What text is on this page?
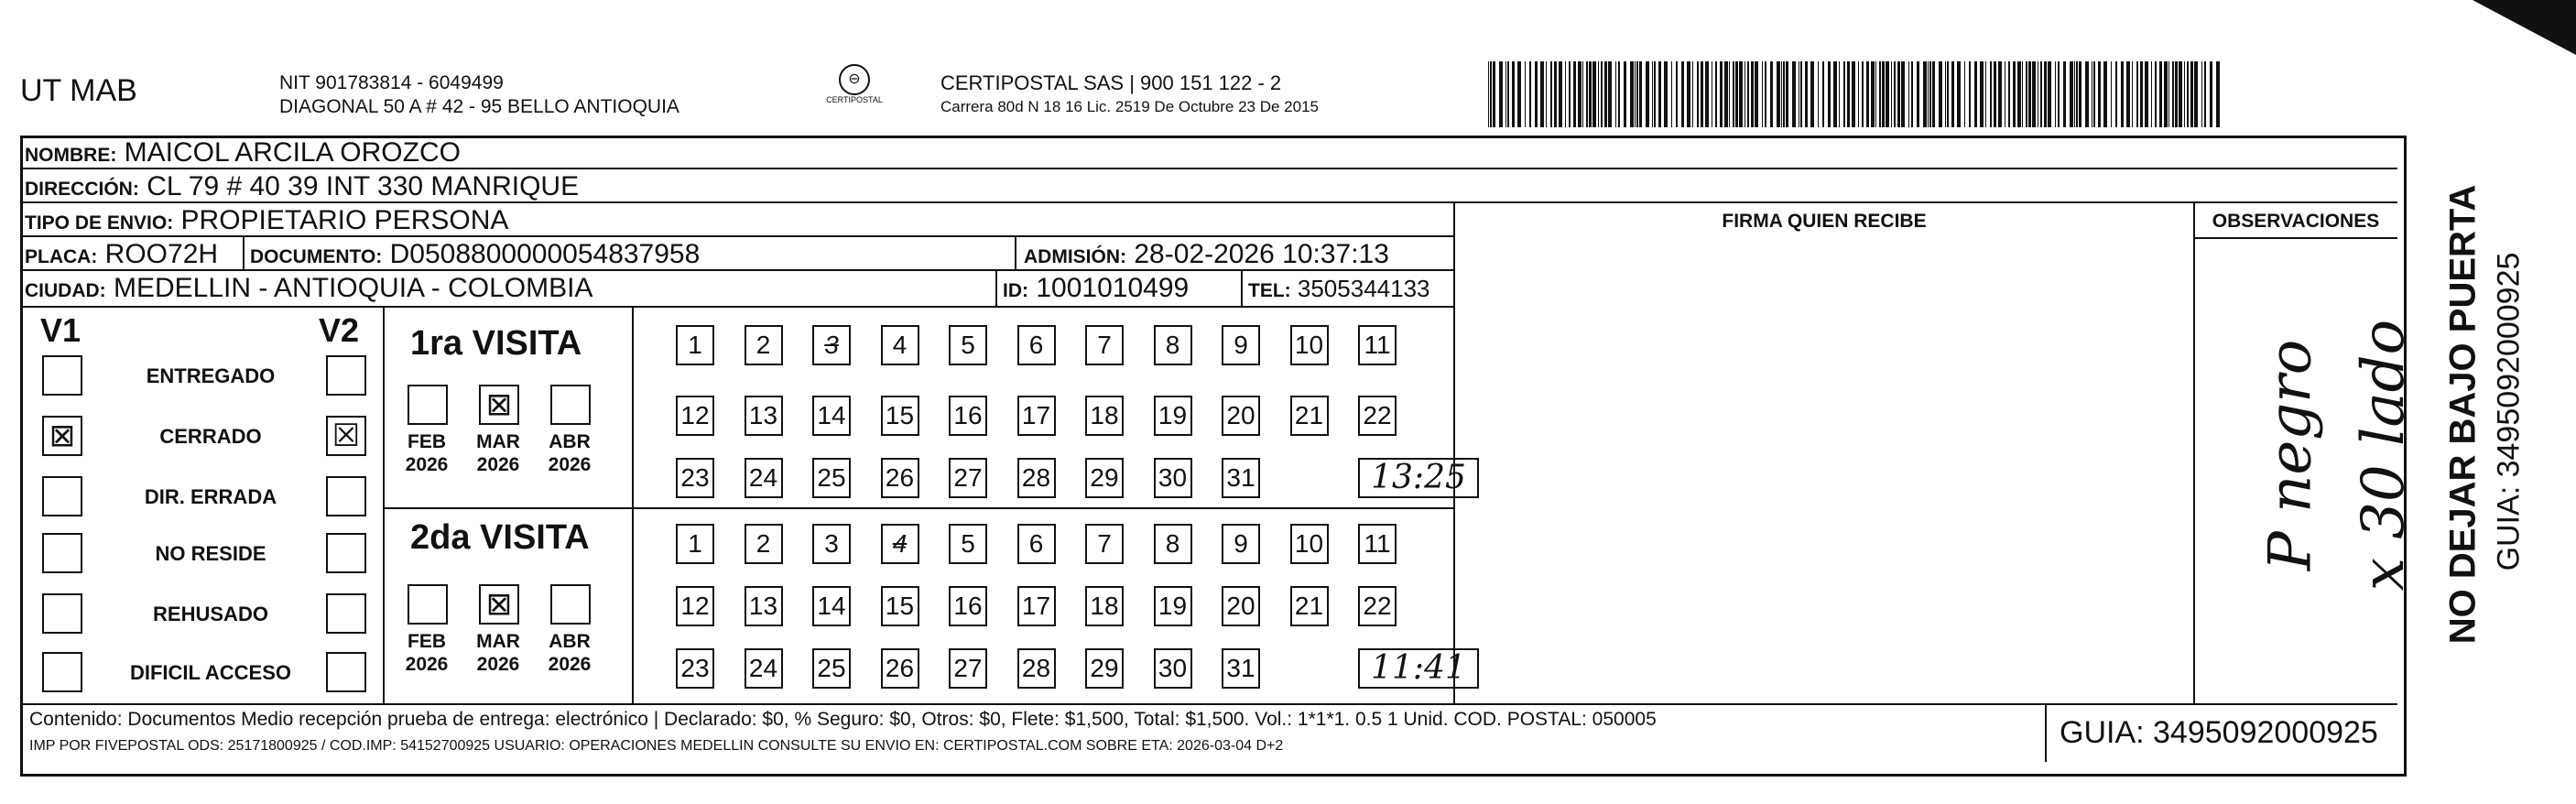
UT MAB	NIT 901783814 - 6049499
DIAGONAL 50 A # 42 - 95 BELLO ANTIOQUIA
⊖
CERTIPOSTAL
CERTIPOSTAL SAS | 900 151 122 - 2
Carrera 80d N 18 16 Lic. 2519 De Octubre 23 De 2015
NOMBRE: MAICOL ARCILA OROZCO
DIRECCIÓN: CL 79 # 40 39 INT 330 MANRIQUE
TIPO DE ENVIO: PROPIETARIO PERSONA
PLACA: ROO72H	DOCUMENTO: D0508800000054837958	ADMISIÓN: 28-02-2026 10:37:13
CIUDAD: MEDELLIN - ANTIOQUIA - COLOMBIA	ID: 1001010499	TEL: 3505344133
FIRMA QUIEN RECIBE	OBSERVACIONES
V1	V2
ENTREGADO
⊠	CERRADO	☒
DIR. ERRADA
NO RESIDE
REHUSADO
DIFICIL ACCESO
1ra VISITA
FEB
2026
⊠
MAR
2026
ABR
2026
1	2	3	4	5	6	7	8	9	10 11
12 13 14 15 16 17 18 19 20 21 22
23 24 25 26 27 28 29 30 31	13:25
2da VISITA
FEB
2026
⊠
MAR
2026
ABR
2026
1	2	3	4	5	6	7	8	9	10 11
12 13 14 15 16 17 18 19 20 21 22
23 24 25 26 27 28 29 30 31	11:41
Contenido: Documentos Medio recepción prueba de entrega: electrónico | Declarado: $0, % Seguro: $0, Otros: $0, Flete: $1,500, Total: $1,500. Vol.: 1*1*1. 0.5 1 Unid. COD. POSTAL: 050005
IMP POR FIVEPOSTAL ODS: 25171800925 / COD.IMP: 54152700925 USUARIO: OPERACIONES MEDELLIN CONSULTE SU ENVIO EN: CERTIPOSTAL.COM SOBRE ETA: 2026-03-04 D+2	GUIA: 3495092000925
P negro x 30 lado NO DEJAR BAJO PUERTA GUIA: 3495092000925
